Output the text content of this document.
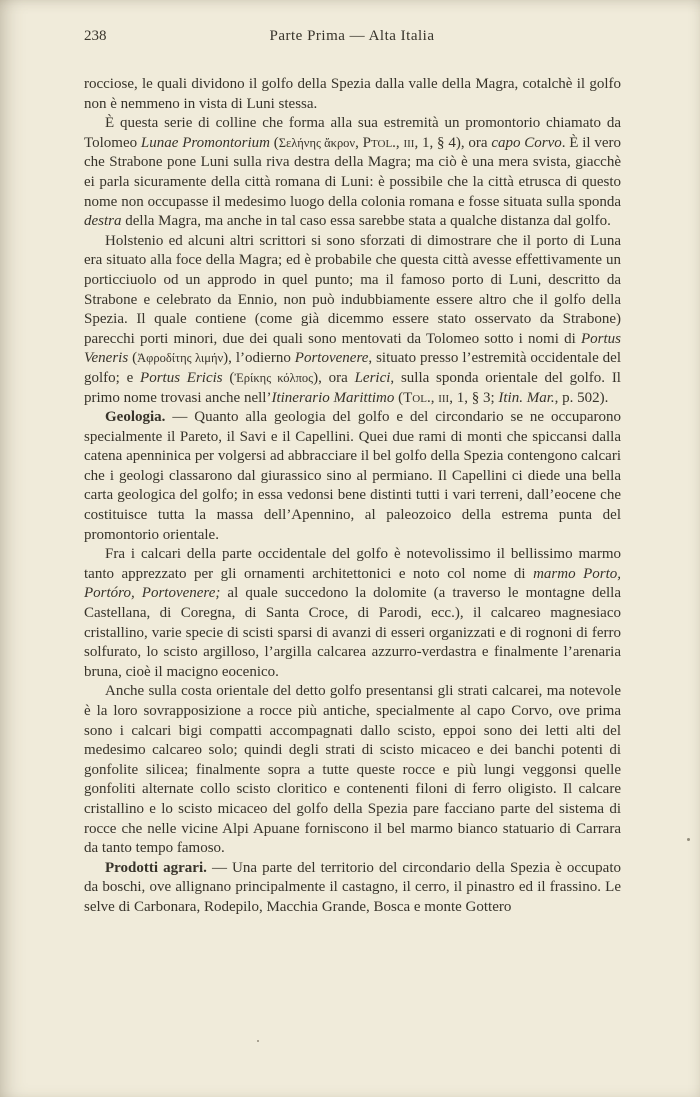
238	Parte Prima — Alta Italia

rocciose, le quali dividono il golfo della Spezia dalla valle della Magra, cotalchè il golfo non è nemmeno in vista di Luni stessa.

È questa serie di colline che forma alla sua estremità un promontorio chiamato da Tolomeo Lunae Promontorium (Σελήνης ἄκρον, Ptol., iii, 1, § 4), ora capo Corvo. È il vero che Strabone pone Luni sulla riva destra della Magra; ma ciò è una mera svista, giacchè ei parla sicuramente della città romana di Luni: è possibile che la città etrusca di questo nome non occupasse il medesimo luogo della colonia romana e fosse situata sulla sponda destra della Magra, ma anche in tal caso essa sarebbe stata a qualche distanza dal golfo.

Holstenio ed alcuni altri scrittori si sono sforzati di dimostrare che il porto di Luna era situato alla foce della Magra; ed è probabile che questa città avesse effettivamente un porticciuolo od un approdo in quel punto; ma il famoso porto di Luni, descritto da Strabone e celebrato da Ennio, non può indubbiamente essere altro che il golfo della Spezia. Il quale contiene (come già dicemmo essere stato osservato da Strabone) parecchi porti minori, due dei quali sono mentovati da Tolomeo sotto i nomi di Portus Veneris (Ἀφροδίτης λιμήν), l’odierno Portovenere, situato presso l’estremità occidentale del golfo; e Portus Ericis (Ἐρίκης κόλπος), ora Lerici, sulla sponda orientale del golfo. Il primo nome trovasi anche nell’Itinerario Marittimo (Tol., iii, 1, § 3; Itin. Mar., p. 502).

Geologia. — Quanto alla geologia del golfo e del circondario se ne occuparono specialmente il Pareto, il Savi e il Capellini. Quei due rami di monti che spiccansi dalla catena apenninica per volgersi ad abbracciare il bel golfo della Spezia contengono calcari che i geologi classarono dal giurassico sino al permiano. Il Capellini ci diede una bella carta geologica del golfo; in essa vedonsi bene distinti tutti i vari terreni, dall’eocene che costituisce tutta la massa dell’Apennino, al paleozoico della estrema punta del promontorio orientale.

Fra i calcari della parte occidentale del golfo è notevolissimo il bellissimo marmo tanto apprezzato per gli ornamenti architettonici e noto col nome di marmo Porto, Portóro, Portovenere; al quale succedono la dolomite (a traverso le montagne della Castellana, di Coregna, di Santa Croce, di Parodi, ecc.), il calcareo magnesiaco cristallino, varie specie di scisti sparsi di avanzi di esseri organizzati e di rognoni di ferro solfurato, lo scisto argilloso, l’argilla calcarea azzurro-verdastra e finalmente l’arenaria bruna, cioè il macigno eocenico.

Anche sulla costa orientale del detto golfo presentansi gli strati calcarei, ma notevole è la loro sovrapposizione a rocce più antiche, specialmente al capo Corvo, ove prima sono i calcari bigi compatti accompagnati dallo scisto, eppoi sono dei letti alti del medesimo calcareo solo; quindi degli strati di scisto micaceo e dei banchi potenti di gonfolite silicea; finalmente sopra a tutte queste rocce e più lungi veggonsi quelle gonfoliti alternate collo scisto cloritico e contenenti filoni di ferro oligisto. Il calcare cristallino e lo scisto micaceo del golfo della Spezia pare facciano parte del sistema di rocce che nelle vicine Alpi Apuane forniscono il bel marmo bianco statuario di Carrara da tanto tempo famoso.

Prodotti agrari. — Una parte del territorio del circondario della Spezia è occupato da boschi, ove allignano principalmente il castagno, il cerro, il pinastro ed il frassino. Le selve di Carbonara, Rodepilo, Macchia Grande, Bosca e monte Gottero
